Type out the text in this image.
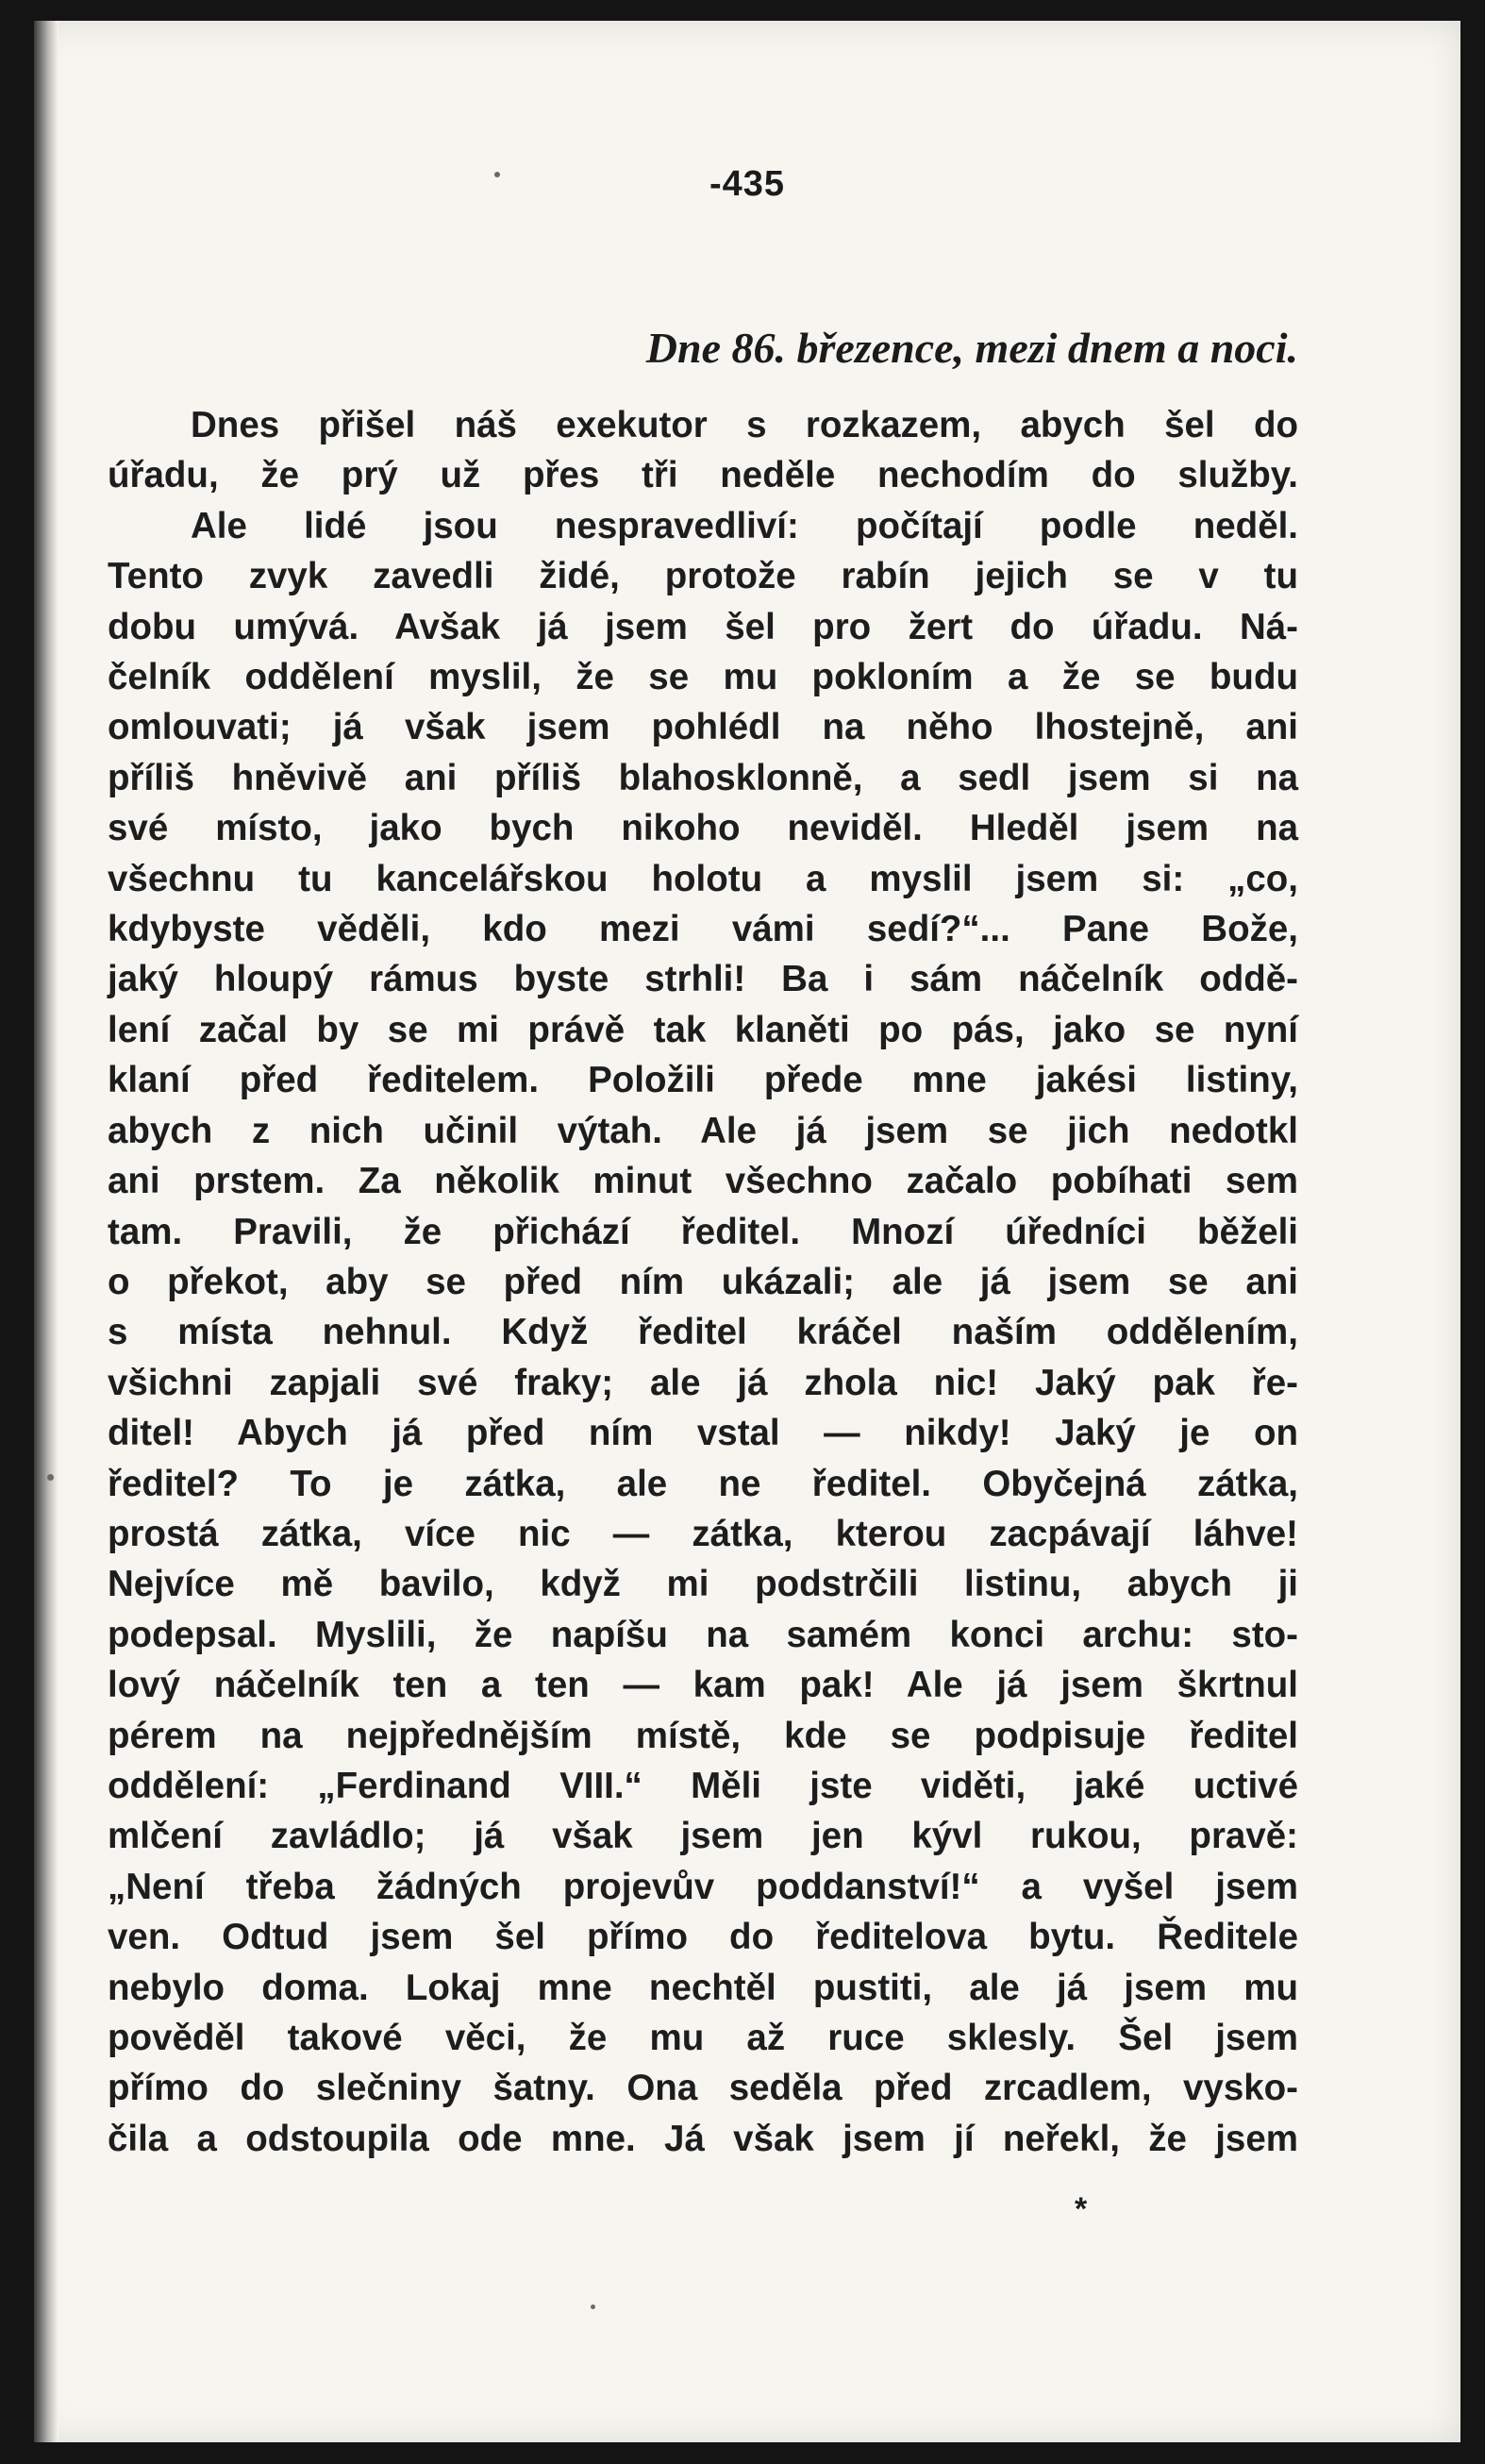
-435
Dne 86. březence, mezi dnem a noci.
Dnes přišel náš exekutor s rozkazem, abych šel do
úřadu, že prý už přes tři neděle nechodím do služby.
Ale lidé jsou nespravedliví: počítají podle neděl.
Tento zvyk zavedli židé, protože rabín jejich se v tu
dobu umývá. Avšak já jsem šel pro žert do úřadu. Ná-
čelník oddělení myslil, že se mu pokloním a že se budu
omlouvati; já však jsem pohlédl na něho lhostejně, ani
příliš hněvivě ani příliš blahosklonně, a sedl jsem si na
své místo, jako bych nikoho neviděl. Hleděl jsem na
všechnu tu kancelářskou holotu a myslil jsem si: „co,
kdybyste věděli, kdo mezi vámi sedí?“... Pane Bože,
jaký hloupý rámus byste strhli! Ba i sám náčelník oddě-
lení začal by se mi právě tak klaněti po pás, jako se nyní
klaní před ředitelem. Položili přede mne jakési listiny,
abych z nich učinil výtah. Ale já jsem se jich nedotkl
ani prstem. Za několik minut všechno začalo pobíhati sem
tam. Pravili, že přichází ředitel. Mnozí úředníci běželi
o překot, aby se před ním ukázali; ale já jsem se ani
s místa nehnul. Když ředitel kráčel naším oddělením,
všichni zapjali své fraky; ale já zhola nic! Jaký pak ře-
ditel! Abych já před ním vstal — nikdy! Jaký je on
ředitel? To je zátka, ale ne ředitel. Obyčejná zátka,
prostá zátka, více nic — zátka, kterou zacpávají láhve!
Nejvíce mě bavilo, když mi podstrčili listinu, abych ji
podepsal. Myslili, že napíšu na samém konci archu: sto-
lový náčelník ten a ten — kam pak! Ale já jsem škrtnul
pérem na nejpřednějším místě, kde se podpisuje ředitel
oddělení: „Ferdinand VIII.“ Měli jste viděti, jaké uctivé
mlčení zavládlo; já však jsem jen kývl rukou, pravě:
„Není třeba žádných projevův poddanství!“ a vyšel jsem
ven. Odtud jsem šel přímo do ředitelova bytu. Ředitele
nebylo doma. Lokaj mne nechtěl pustiti, ale já jsem mu
pověděl takové věci, že mu až ruce sklesly. Šel jsem
přímo do slečniny šatny. Ona seděla před zrcadlem, vysko-
čila a odstoupila ode mne. Já však jsem jí neřekl, že jsem
*
